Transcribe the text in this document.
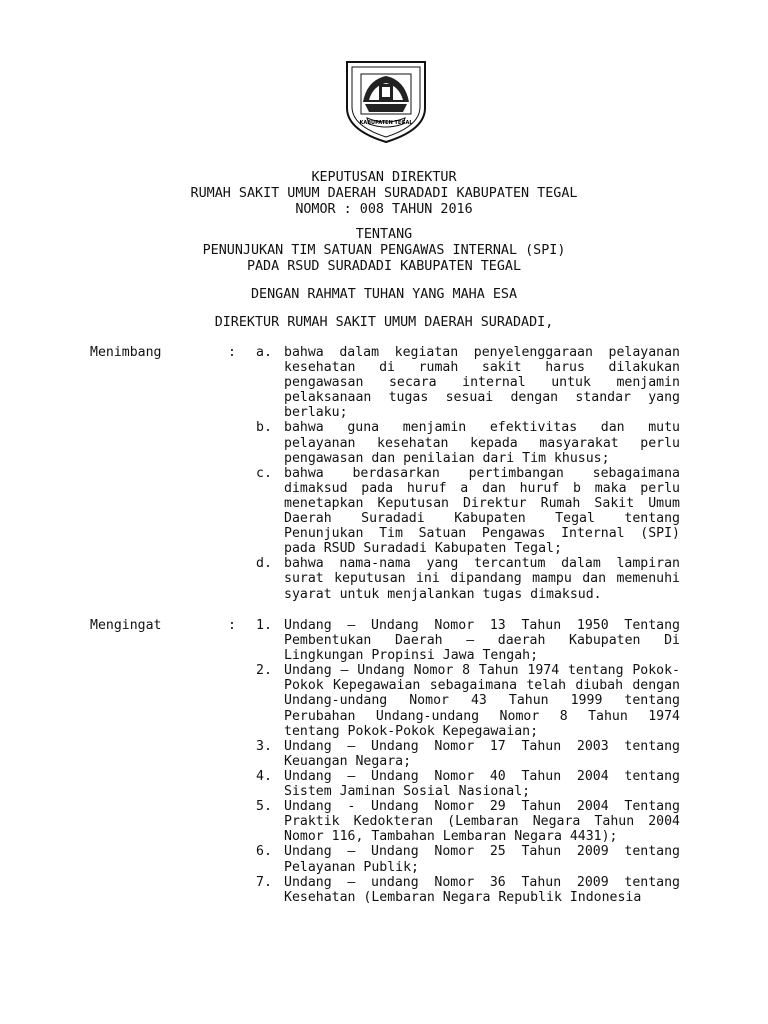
KABUPATEN TEGAL
KEPUTUSAN DIREKTUR
RUMAH SAKIT UMUM DAERAH SURADADI KABUPATEN TEGAL
NOMOR : 008 TAHUN 2016
TENTANG
PENUNJUKAN TIM SATUAN PENGAWAS INTERNAL (SPI)
PADA RSUD SURADADI KABUPATEN TEGAL
DENGAN RAHMAT TUHAN YANG MAHA ESA
DIREKTUR RUMAH SAKIT UMUM DAERAH SURADADI,
Menimbang	:	a. bahwa dalam kegiatan penyelenggaraan pelayanan kesehatan di rumah sakit harus dilakukan pengawasan secara internal untuk menjamin pelaksanaan tugas sesuai dengan standar yang berlaku;
b. bahwa guna menjamin efektivitas dan mutu pelayanan kesehatan kepada masyarakat perlu pengawasan dan penilaian dari Tim khusus;
c. bahwa berdasarkan pertimbangan sebagaimana dimaksud pada huruf a dan huruf b maka perlu menetapkan Keputusan Direktur Rumah Sakit Umum Daerah Suradadi Kabupaten Tegal tentang Penunjukan Tim Satuan Pengawas Internal (SPI) pada RSUD Suradadi Kabupaten Tegal;
d. bahwa nama-nama yang tercantum dalam lampiran surat keputusan ini dipandang mampu dan memenuhi syarat untuk menjalankan tugas dimaksud.
Mengingat	:	1. Undang – Undang Nomor 13 Tahun 1950 Tentang Pembentukan Daerah – daerah Kabupaten Di Lingkungan Propinsi Jawa Tengah;
2. Undang – Undang Nomor 8 Tahun 1974 tentang Pokok-Pokok Kepegawaian sebagaimana telah diubah dengan Undang-undang Nomor 43 Tahun 1999 tentang Perubahan Undang-undang Nomor 8 Tahun 1974 tentang Pokok-Pokok Kepegawaian;
3. Undang – Undang Nomor 17 Tahun 2003 tentang Keuangan Negara;
4. Undang – Undang Nomor 40 Tahun 2004 tentang Sistem Jaminan Sosial Nasional;
5. Undang - Undang Nomor 29 Tahun 2004 Tentang Praktik Kedokteran (Lembaran Negara Tahun 2004 Nomor 116, Tambahan Lembaran Negara 4431);
6. Undang – Undang Nomor 25 Tahun 2009 tentang Pelayanan Publik;
7. Undang – undang Nomor 36 Tahun 2009 tentang Kesehatan (Lembaran Negara Republik Indonesia
